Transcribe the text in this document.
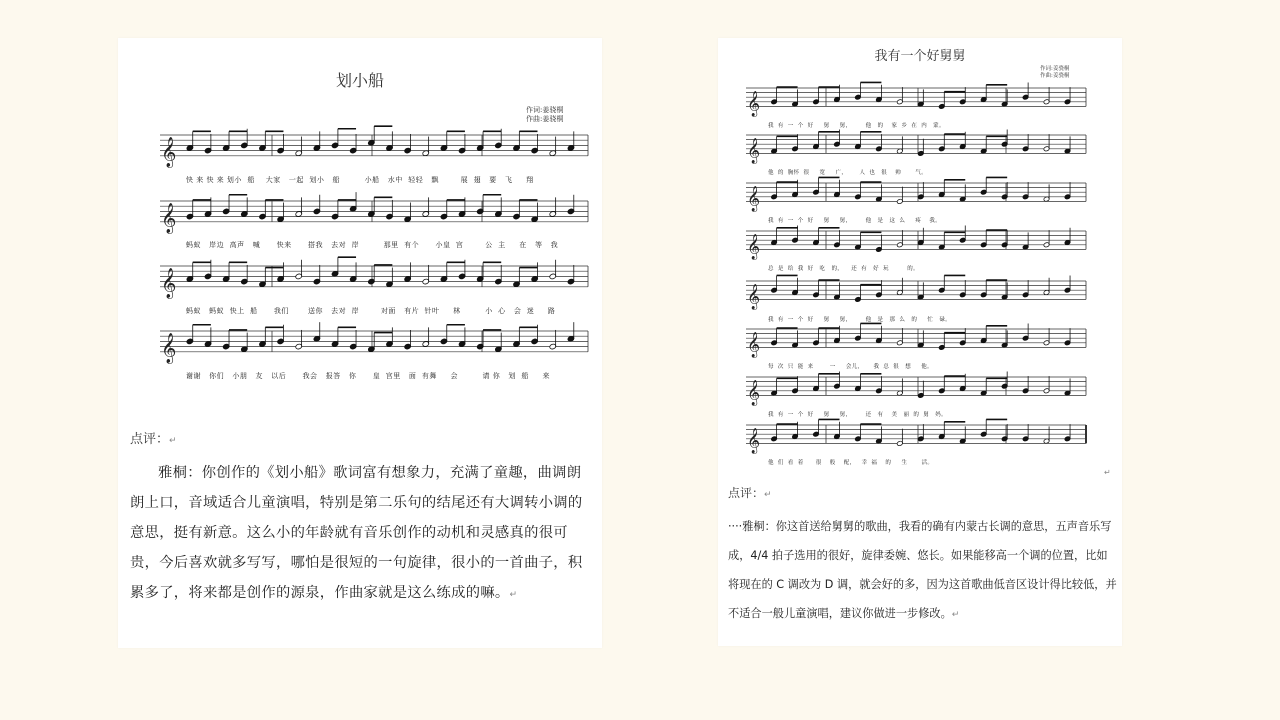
划小船
作词:姜骁桐
作曲:姜骁桐
𝄞
𝄞
𝄞
𝄞
快 来 快 来 划小  船    大家   一起  划小   船         小船   水中  轻轻   飘        展  翅   要   飞     翔
蚂蚁   岸边  高声   喊      快来      搭我   去对  岸         那里  有个      小皇  宫        公  主     在   等   我
蚂蚁   蚂蚁  快上  船      我们       送你   去对  岸        对面   有片  针叶     林         小  心   会  迷     路
谢谢   你们   小朋   友   以后      我会   报答   你      皇  宫里   面  有舞     会         请 你   划  船     来
点评：↵
雅桐：你创作的《划小船》歌词富有想象力，充满了童趣，曲调朗朗上口，音域适合儿童演唱，特别是第二乐句的结尾还有大调转小调的意思，挺有新意。这么小的年龄就有音乐创作的动机和灵感真的很可贵，今后喜欢就多写写，哪怕是很短的一句旋律，很小的一首曲子，积累多了，将来都是创作的源泉，作曲家就是这么练成的嘛。↵
我有一个好舅舅
作词:姜骁桐
作曲:姜骁桐
𝄞
𝄞
𝄞
𝄞
𝄞
𝄞
𝄞
𝄞
我  有  一  个  好     舅     舅，       他   的    家  乡  在  内   蒙。
他  的  胸怀  很     宽     广，      人  也   很    帅       气。
我  有  一  个  好     舅     舅，       他   是   这  么     疼    我。
总  是  给  我  好   吃   的，    还  有   好  玩         的。
我  有  一  个  好     舅     舅，       他   是   那  么   的     忙   碌。
每  次  只  能  来        一     会儿，     我  总  很   想     他。
我  有  一  个  好     舅     舅，       还   有    美   丽  的  舅   妈。
他  们  看  着      很    般    配，   幸  福    的     生       活。
↵
点评：↵
····雅桐：你这首送给舅舅的歌曲，我看的确有内蒙古长调的意思，五声音乐写成，4/4 拍子选用的很好，旋律委婉、悠长。如果能移高一个调的位置，比如将现在的 C 调改为 D 调，就会好的多，因为这首歌曲低音区设计得比较低，并不适合一般儿童演唱，建议你做进一步修改。↵
